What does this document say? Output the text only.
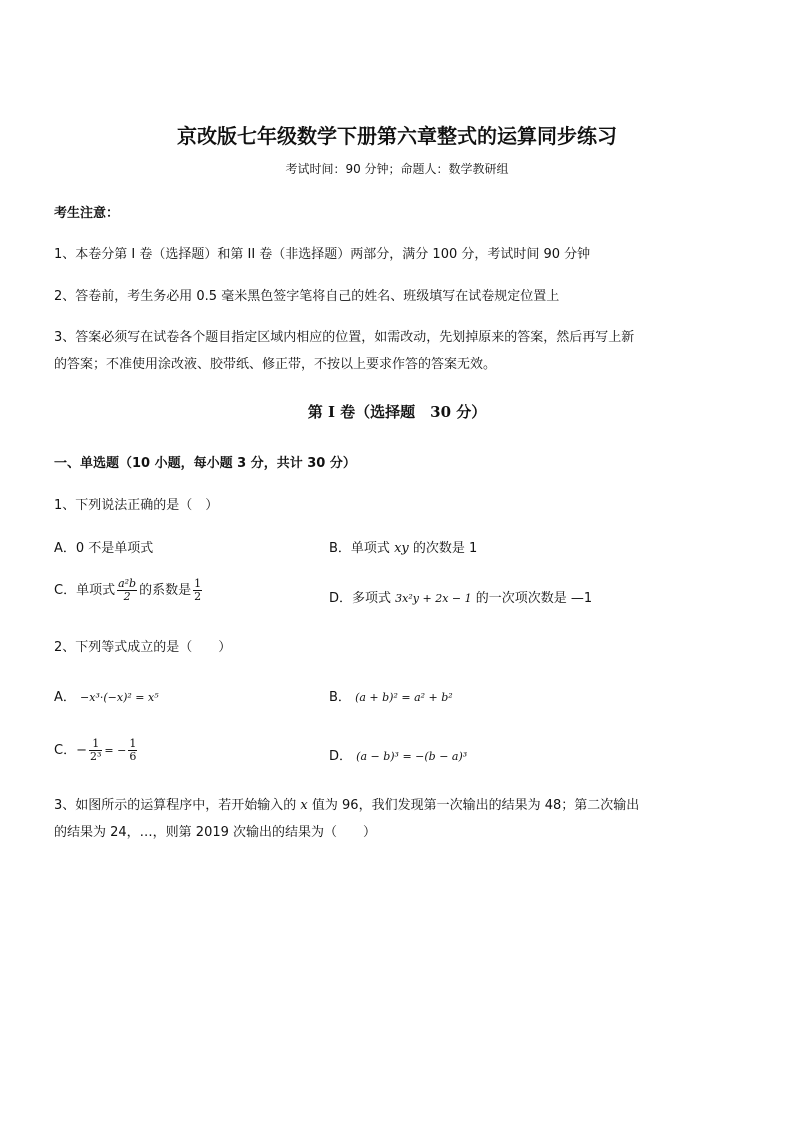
京改版七年级数学下册第六章整式的运算同步练习
考试时间：90 分钟；命题人：数学教研组
考生注意：
1、本卷分第 I 卷（选择题）和第 II 卷（非选择题）两部分，满分 100 分，考试时间 90 分钟
2、答卷前，考生务必用 0.5 毫米黑色签字笔将自己的姓名、班级填写在试卷规定位置上
3、答案必须写在试卷各个题目指定区域内相应的位置，如需改动，先划掉原来的答案，然后再写上新
的答案；不准使用涂改液、胶带纸、修正带，不按以上要求作答的答案无效。
第 I 卷（选择题　30 分）
一、单选题（10 小题，每小题 3 分，共计 30 分）
1、下列说法正确的是（　）
A．0 不是单项式	B．单项式 xy 的次数是 1
C．单项式 $\frac{\text{a²b}}{2}$ 的系数是 $\frac{1}{2}$	D．多项式 3x²y + 2x − 1 的一次项次数是 —1
2、下列等式成立的是（　　）
A． −x³·(−x)² = x⁵	B． (a + b)² = a² + b²
C．− $\frac{1}{\text{2³}}$ = − $\frac{1}{6}$	D． (a − b)³ = −(b − a)³
3、如图所示的运算程序中，若开始输入的 x 值为 96，我们发现第一次输出的结果为 48；第二次输出
的结果为 24，…，则第 2019 次输出的结果为（　　）
